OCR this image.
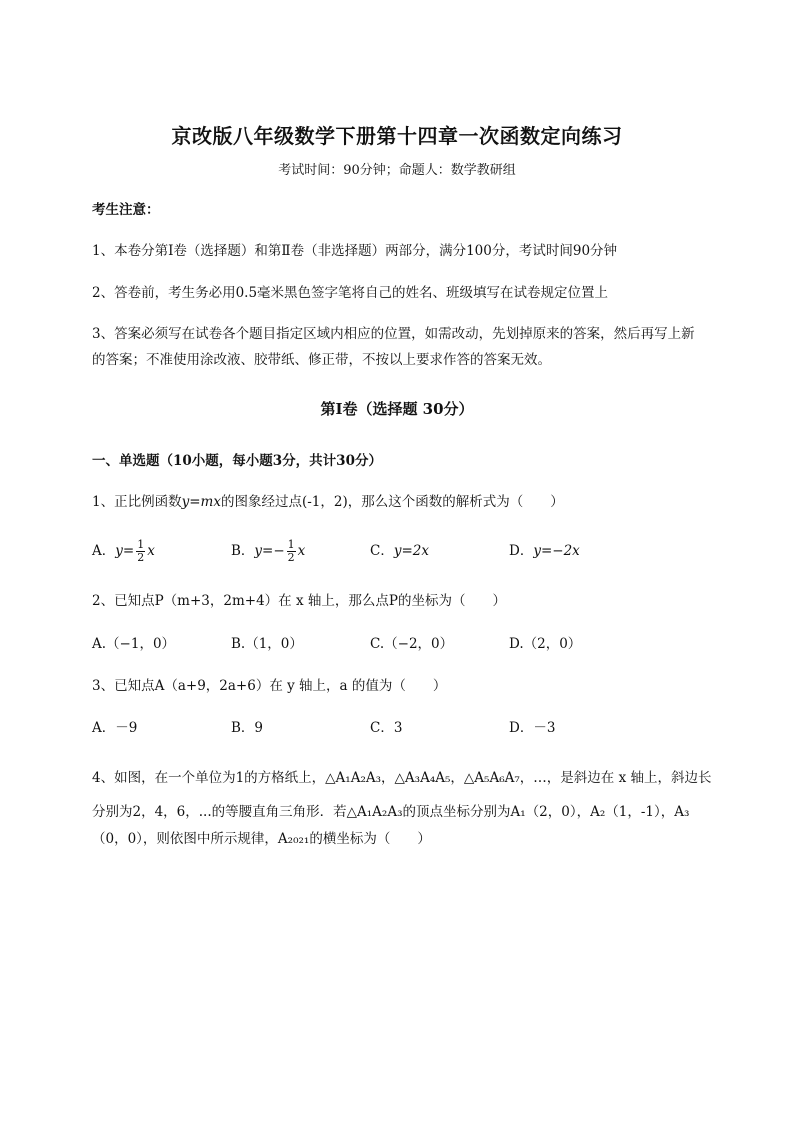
京改版八年级数学下册第十四章一次函数定向练习
考试时间：90分钟；命题人：数学教研组
考生注意：
1、本卷分第I卷（选择题）和第Ⅱ卷（非选择题）两部分，满分100分，考试时间90分钟
2、答卷前，考生务必用0.5毫米黑色签字笔将自己的姓名、班级填写在试卷规定位置上
3、答案必须写在试卷各个题目指定区域内相应的位置，如需改动，先划掉原来的答案，然后再写上新
的答案；不准使用涂改液、胶带纸、修正带，不按以上要求作答的答案无效。
第I卷（选择题 30分）
一、单选题（10小题，每小题3分，共计30分）
1、正比例函数y=mx的图象经过点(-1，2)，那么这个函数的解析式为（　　）
A．$y= \frac{1}{2}$ x	B．$y=- \frac{1}{2}$ x	C．y=2x	D．y=−2x
2、已知点P（m+3，2m+4）在 x 轴上，那么点P的坐标为（　　）
A.（−1，0）	B.（1，0）	C.（−2，0）	D.（2，0）
3、已知点A（a+9，2a+6）在 y 轴上，a 的值为（　　）
A．－9	B．9	C．3	D．－3
4、如图，在一个单位为1的方格纸上，△A₁A₂A₃，△A₃A₄A₅，△A₅A₆A₇，…，是斜边在 x 轴上，斜边长
分别为2，4，6，...的等腰直角三角形．若△A₁A₂A₃的顶点坐标分别为A₁（2，0），A₂（1，-1），A₃
（0，0），则依图中所示规律，A₂₀₂₁的横坐标为（　　）
